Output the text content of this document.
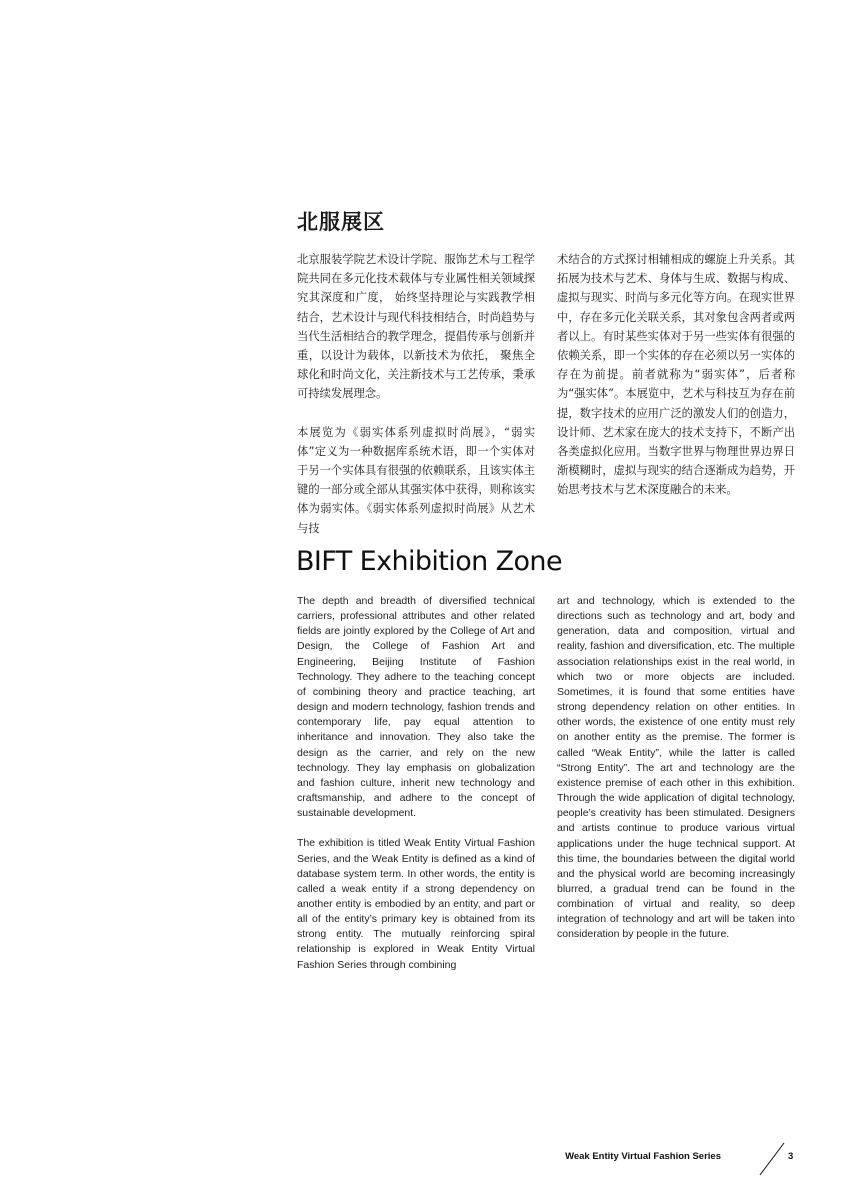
北服展区

北京服装学院艺术设计学院、服饰艺术与工程学院共同在多元化技术载体与专业属性相关领域探究其深度和广度， 始终坚持理论与实践教学相结合，艺术设计与现代科技相结合，时尚趋势与当代生活相结合的教学理念，提倡传承与创新并重，以设计为载体，以新技术为依托， 聚焦全球化和时尚文化，关注新技术与工艺传承，秉承可持续发展理念。

本展览为《弱实体系列虚拟时尚展》，“弱实体”定义为一种数据库系统术语，即一个实体对于另一个实体具有很强的依赖联系，且该实体主键的一部分或全部从其强实体中获得，则称该实体为弱实体。《弱实体系列虚拟时尚展》从艺术与技

术结合的方式探讨相辅相成的螺旋上升关系。其拓展为技术与艺术、身体与生成、数据与构成、虚拟与现实、时尚与多元化等方向。在现实世界中，存在多元化关联关系，其对象包含两者或两者以上。有时某些实体对于另一些实体有很强的依赖关系，即一个实体的存在必须以另一实体的存在为前提。前者就称为“弱实体”，后者称为“强实体”。本展览中，艺术与科技互为存在前提，数字技术的应用广泛的激发人们的创造力，设计师、艺术家在庞大的技术支持下，不断产出各类虚拟化应用。当数字世界与物理世界边界日渐模糊时，虚拟与现实的结合逐渐成为趋势，开始思考技术与艺术深度融合的未来。

BIFT Exhibition Zone

The depth and breadth of diversified technical carriers, professional attributes and other related fields are jointly explored by the College of Art and Design, the College of Fashion Art and Engineering, Beijing Institute of Fashion Technology. They adhere to the teaching concept of combining theory and practice teaching, art design and modern technology, fashion trends and contemporary life, pay equal attention to inheritance and innovation. They also take the design as the carrier, and rely on the new technology. They lay emphasis on globalization and fashion culture, inherit new technology and craftsmanship, and adhere to the concept of sustainable development.

The exhibition is titled Weak Entity Virtual Fashion Series, and the Weak Entity is defined as a kind of database system term. In other words, the entity is called a weak entity if a strong dependency on another entity is embodied by an entity, and part or all of the entity’s primary key is obtained from its strong entity. The mutually reinforcing spiral relationship is explored in Weak Entity Virtual Fashion Series through combining

art and technology, which is extended to the directions such as technology and art, body and generation, data and composition, virtual and reality, fashion and diversification, etc. The multiple association relationships exist in the real world, in which two or more objects are included. Sometimes, it is found that some entities have strong dependency relation on other entities. In other words, the existence of one entity must rely on another entity as the premise. The former is called “Weak Entity”, while the latter is called “Strong Entity”. The art and technology are the existence premise of each other in this exhibition. Through the wide application of digital technology, people’s creativity has been stimulated. Designers and artists continue to produce various virtual applications under the huge technical support. At this time, the boundaries between the digital world and the physical world are becoming increasingly blurred, a gradual trend can be found in the combination of virtual and reality, so deep integration of technology and art will be taken into consideration by people in the future.

Weak Entity Virtual Fashion Series	3
